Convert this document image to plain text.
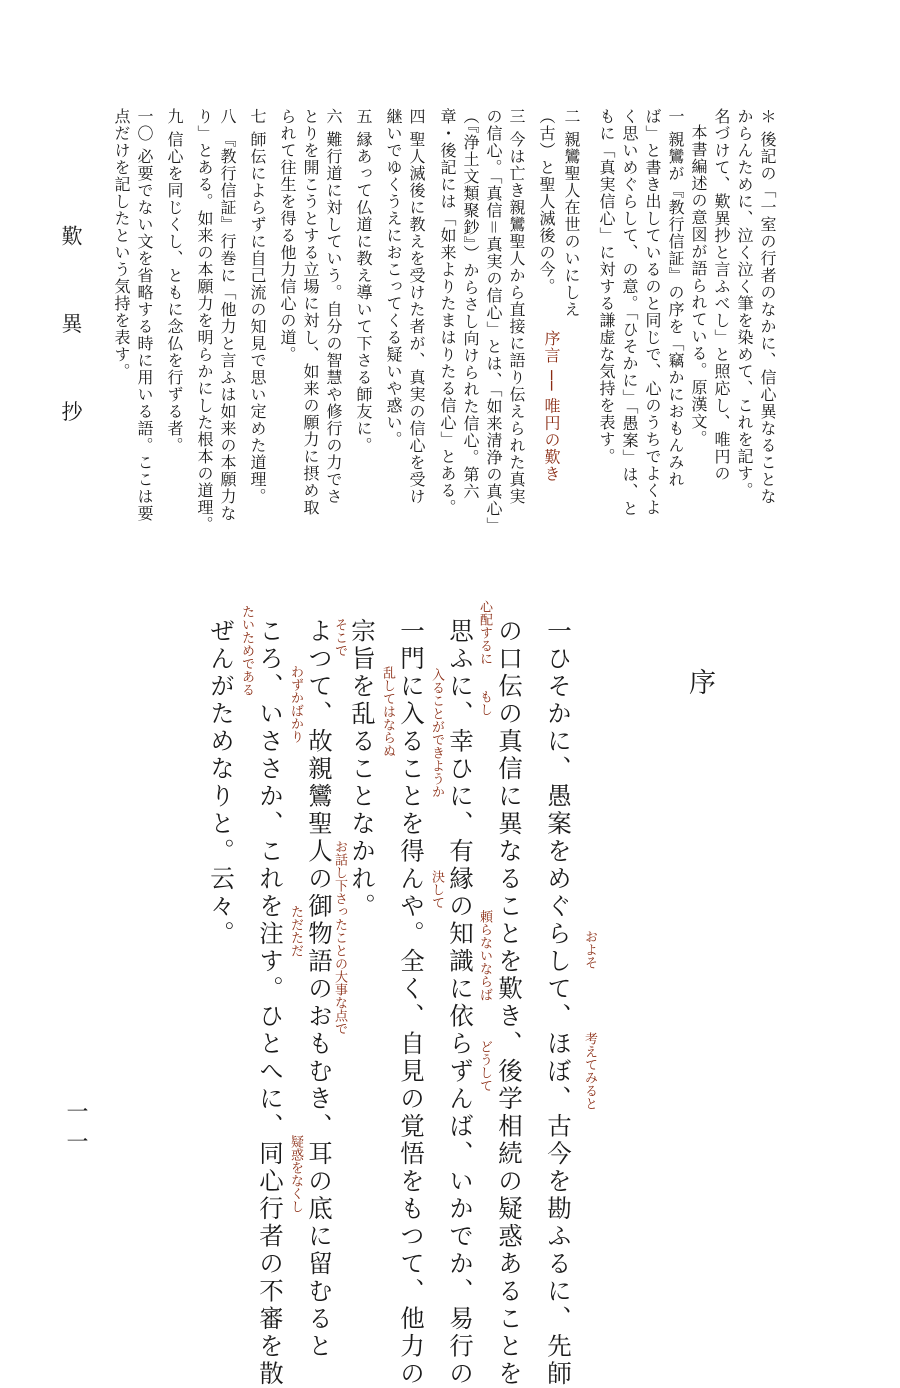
歎 異 抄	序言 ── 唯円の歎き	＊ 後記の「一室の行者のなかに、信心異なることな
からんために、泣く泣く筆を染めて、これを記す。
名づけて、歎異抄と言ふべし」と照応し、唯円の
本書編述の意図が語られている。原漢文。
一 親鸞が『教行信証』の序を「竊かにおもんみれ
ば」と書き出しているのと同じで、心のうちでよくよ
く思いめぐらして、の意。「ひそかに」「愚案」は、と
もに「真実信心」に対する謙虚な気持を表す。
二 親鸞聖人在世のいにしえ
（古）と聖人滅後の今。
三 今は亡き親鸞聖人から直接に語り伝えられた真実
の信心。「真信＝真実の信心」とは、「如来清浄の真心」
（『浄土文類聚鈔』）からさし向けられた信心。第六
章・後記には「如来よりたまはりたる信心」とある。
四 聖人滅後に教えを受けた者が、真実の信心を受け
継いでゆくうえにおこってくる疑いや惑い。
五 縁あって仏道に教え導いて下さる師友に。
六 難行道に対していう。自分の智慧や修行の力でさ
とりを開こうとする立場に対し、如来の願力に摂め取
られて往生を得る他力信心の道。
七 師伝によらずに自己流の知見で思い定めた道理。
八 『教行信証』行巻に「他力と言ふは如来の本願力な
り」とある。如来の本願力を明らかにした根本の道理。
九 信心を同じくし、ともに念仏を行ずる者。
一〇 必要でない文を省略する時に用いる語。ここは要
点だけを記したという気持を表す。
序
一ひそかに、愚案をめぐらして、ほぼ、古今を勘ふるに、先師
の口伝の真信に異なることを歎き、後学相続の疑惑あることを
思ふに、幸ひに、有縁の知識に依らずんば、いかでか、易行の
一門に入ることを得んや。全く、自見の覚悟をもつて、他力の
宗旨を乱ることなかれ。
よつて、故親鸞聖人の御物語のおもむき、耳の底に留むると
ころ、いささか、これを注す。ひとへに、同心行者の不審を散
ぜんがためなりと。云々。
およそ
考えてみると
心配するに
もし
どうして
頼らないならば
入ることができようか
決して
乱してはならぬ
そこで
お話し下さったことの大事な点で
わずかばかり
ただただ
疑惑をなくし
たいためである
一一
